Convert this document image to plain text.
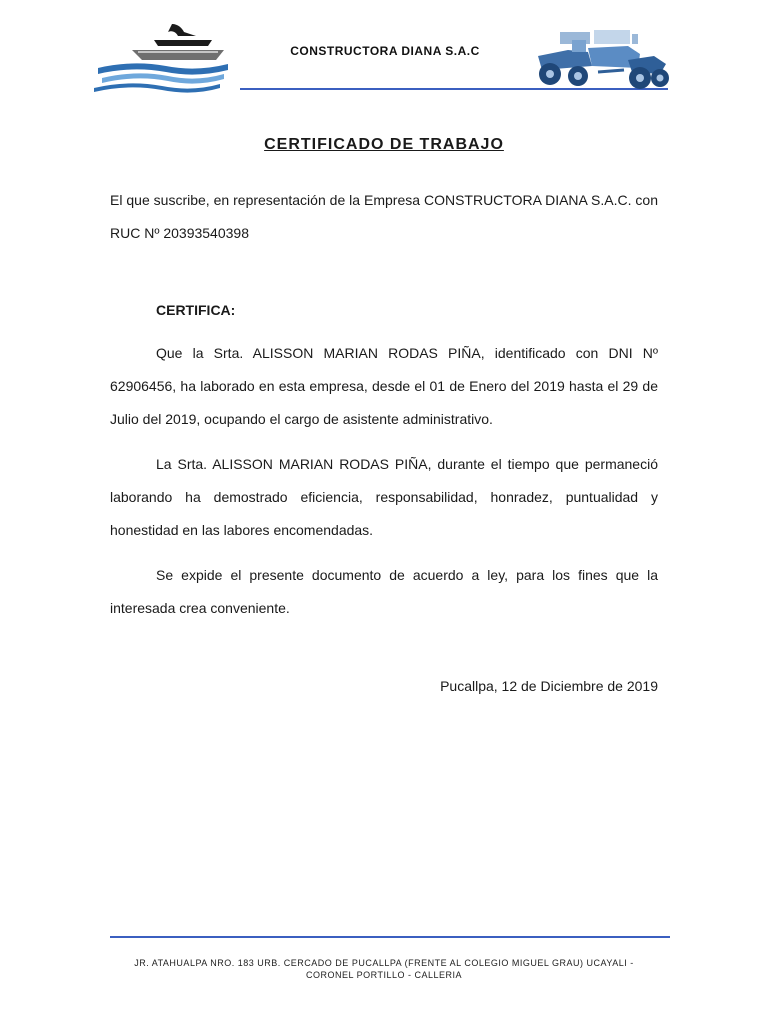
CONSTRUCTORA DIANA S.A.C
CERTIFICADO DE TRABAJO

El que suscribe, en representación de la Empresa CONSTRUCTORA DIANA S.A.C. con RUC Nº 20393540398

CERTIFICA:

Que la Srta. ALISSON MARIAN RODAS PIÑA, identificado con DNI Nº 62906456, ha laborado en esta empresa, desde el 01 de Enero del 2019 hasta el 29 de Julio del 2019, ocupando el cargo de asistente administrativo.

La Srta. ALISSON MARIAN RODAS PIÑA, durante el tiempo que permaneció laborando ha demostrado eficiencia, responsabilidad, honradez, puntualidad y honestidad en las labores encomendadas.

Se expide el presente documento de acuerdo a ley, para los fines que la interesada crea conveniente.

Pucallpa, 12 de Diciembre de 2019
JR. ATAHUALPA NRO. 183 URB. CERCADO DE PUCALLPA (FRENTE AL COLEGIO MIGUEL GRAU) UCAYALI -
CORONEL PORTILLO - CALLERIA
